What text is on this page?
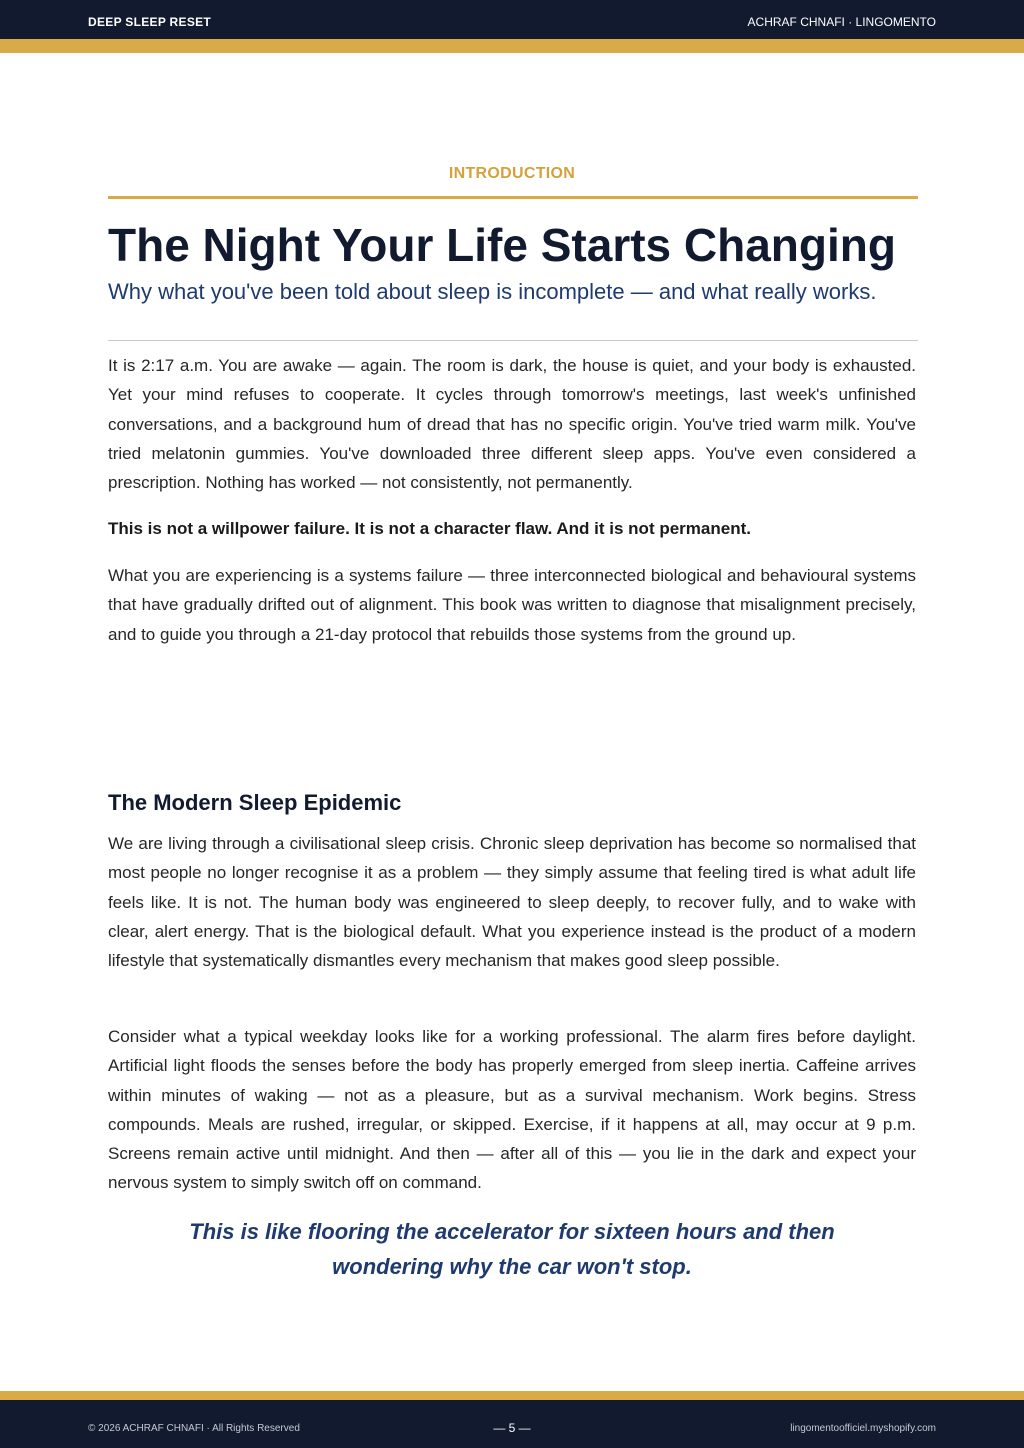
DEEP SLEEP RESET	ACHRAF CHNAFI · LINGOMENTO
INTRODUCTION
The Night Your Life Starts Changing
Why what you've been told about sleep is incomplete — and what really works.

It is 2:17 a.m. You are awake — again. The room is dark, the house is quiet, and your body is exhausted. Yet your mind refuses to cooperate. It cycles through tomorrow's meetings, last week's unfinished conversations, and a background hum of dread that has no specific origin. You've tried warm milk. You've tried melatonin gummies. You've downloaded three different sleep apps. You've even considered a prescription. Nothing has worked — not consistently, not permanently.

This is not a willpower failure. It is not a character flaw. And it is not permanent.

What you are experiencing is a systems failure — three interconnected biological and behavioural systems that have gradually drifted out of alignment. This book was written to diagnose that misalignment precisely, and to guide you through a 21-day protocol that rebuilds those systems from the ground up.

The Modern Sleep Epidemic

We are living through a civilisational sleep crisis. Chronic sleep deprivation has become so normalised that most people no longer recognise it as a problem — they simply assume that feeling tired is what adult life feels like. It is not. The human body was engineered to sleep deeply, to recover fully, and to wake with clear, alert energy. That is the biological default. What you experience instead is the product of a modern lifestyle that systematically dismantles every mechanism that makes good sleep possible.

Consider what a typical weekday looks like for a working professional. The alarm fires before daylight. Artificial light floods the senses before the body has properly emerged from sleep inertia. Caffeine arrives within minutes of waking — not as a pleasure, but as a survival mechanism. Work begins. Stress compounds. Meals are rushed, irregular, or skipped. Exercise, if it happens at all, may occur at 9 p.m. Screens remain active until midnight. And then — after all of this — you lie in the dark and expect your nervous system to simply switch off on command.

This is like flooring the accelerator for sixteen hours and then
wondering why the car won't stop.
© 2026 ACHRAF CHNAFI · All Rights Reserved	— 5 —	lingomentoofficiel.myshopify.com
